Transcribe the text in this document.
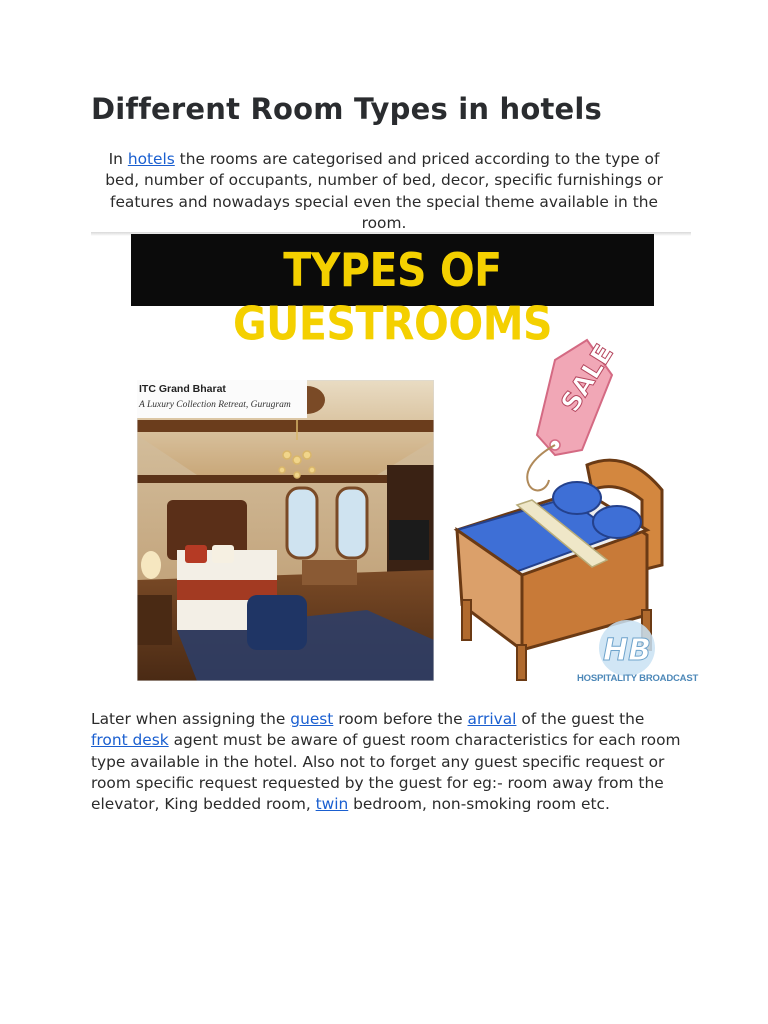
Different Room Types in hotels

In hotels the rooms are categorised and priced according to the type of bed, number of occupants, number of bed, decor, specific furnishings or features and nowadays special even the special theme available in the room.

TYPES OF GUESTROOMS
ITC Grand Bharat
A Luxury Collection Retreat, Gurugram	SALE
HB
HOSPITALITY BROADCAST

Later when assigning the guest room before the arrival of the guest the front desk agent must be aware of guest room characteristics for each room type available in the hotel. Also not to forget any guest specific request or room specific request requested by the guest for eg:- room away from the elevator, King bedded room, twin bedroom, non-smoking room etc.
